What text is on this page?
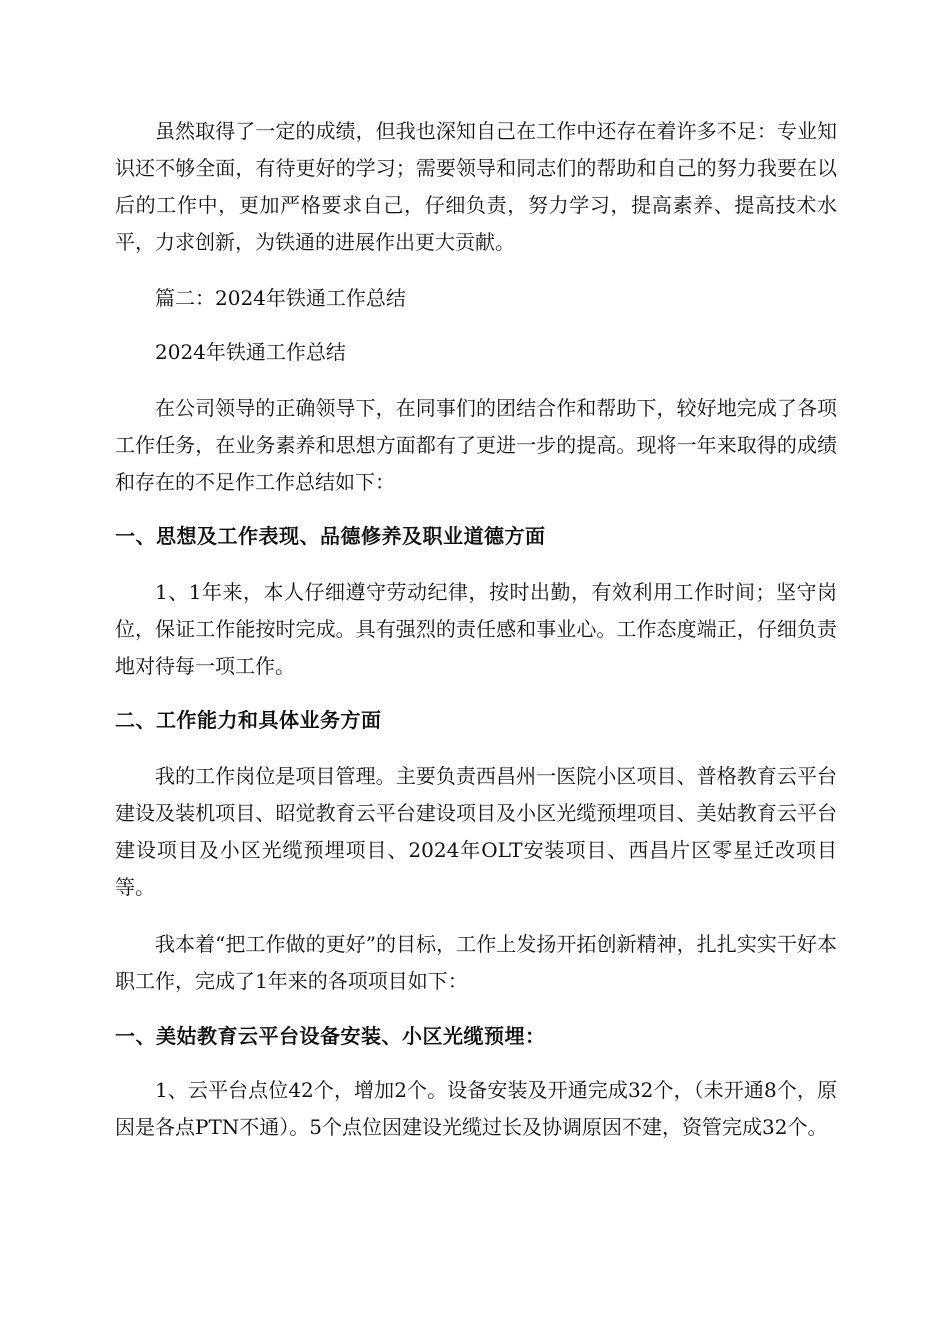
虽然取得了一定的成绩，但我也深知自己在工作中还存在着许多不足：专业知识还不够全面，有待更好的学习；需要领导和同志们的帮助和自己的努力我要在以后的工作中，更加严格要求自己，仔细负责，努力学习，提高素养、提高技术水平，力求创新，为铁通的进展作出更大贡献。

篇二：2024年铁通工作总结

2024年铁通工作总结

在公司领导的正确领导下，在同事们的团结合作和帮助下，较好地完成了各项工作任务，在业务素养和思想方面都有了更进一步的提高。现将一年来取得的成绩和存在的不足作工作总结如下：

一、思想及工作表现、品德修养及职业道德方面

1、1年来，本人仔细遵守劳动纪律，按时出勤，有效利用工作时间；坚守岗位，保证工作能按时完成。具有强烈的责任感和事业心。工作态度端正，仔细负责地对待每一项工作。

二、工作能力和具体业务方面

我的工作岗位是项目管理。主要负责西昌州一医院小区项目、普格教育云平台建设及装机项目、昭觉教育云平台建设项目及小区光缆预埋项目、美姑教育云平台建设项目及小区光缆预埋项目、2024年OLT安装项目、西昌片区零星迁改项目等。

我本着“把工作做的更好”的目标，工作上发扬开拓创新精神，扎扎实实干好本职工作，完成了1年来的各项项目如下：

一、美姑教育云平台设备安装、小区光缆预埋：

1、云平台点位42个，增加2个。设备安装及开通完成32个，（未开通8个，原因是各点PTN不通）。5个点位因建设光缆过长及协调原因不建，资管完成32个。
